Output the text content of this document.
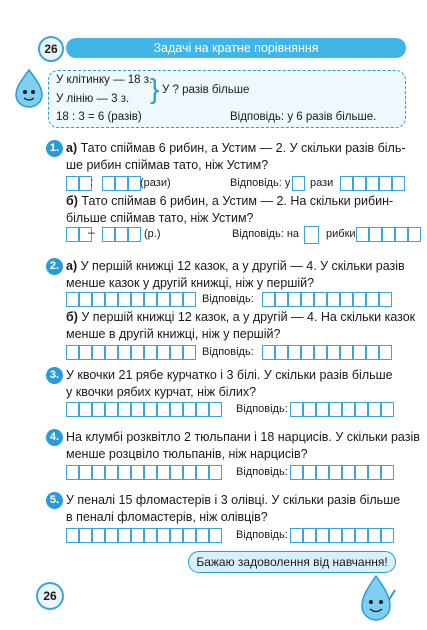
26	Задачі на кратне порівняння
У клітинку — 18 з.
У лінію — 3 з. } У ? разів більше
18 : 3 = 6 (разів)	Відповідь: у 6 разів більше.
1. а) Тато спіймав 6 рибин, а Устим — 2. У скільки разів біль-
ше рибин спіймав тато, ніж Устим?
:	(рази)	Відповідь: у рази
б) Тато спіймав 6 рибин, а Устим — 2. На скільки рибин-
більше спіймав тато, ніж Устим?
–	(р.)	Відповідь: на рибки
2. а) У першій книжці 12 казок, а у другій — 4. У скільки разів
менше казок у другій книжці, ніж у першій?
Відповідь:
б) У першій книжці 12 казок, а у другій — 4. На скільки казок
менше в другій книжці, ніж у першій?
Відповідь:
3. У квочки 21 рябе курчатко і 3 білі. У скільки разів більше
у квочки рябих курчат, ніж білих?
Відповідь:
4. На клумбі розквітло 2 тюльпани і 18 нарцисів. У скільки разів
менше розцвіло тюльпанів, ніж нарцисів?
Відповідь:
5. У пеналі 15 фломастерів і 3 олівці. У скільки разів більше
в пеналі фломастерів, ніж олівців?
Відповідь:
Бажаю задоволення від навчання!
26
